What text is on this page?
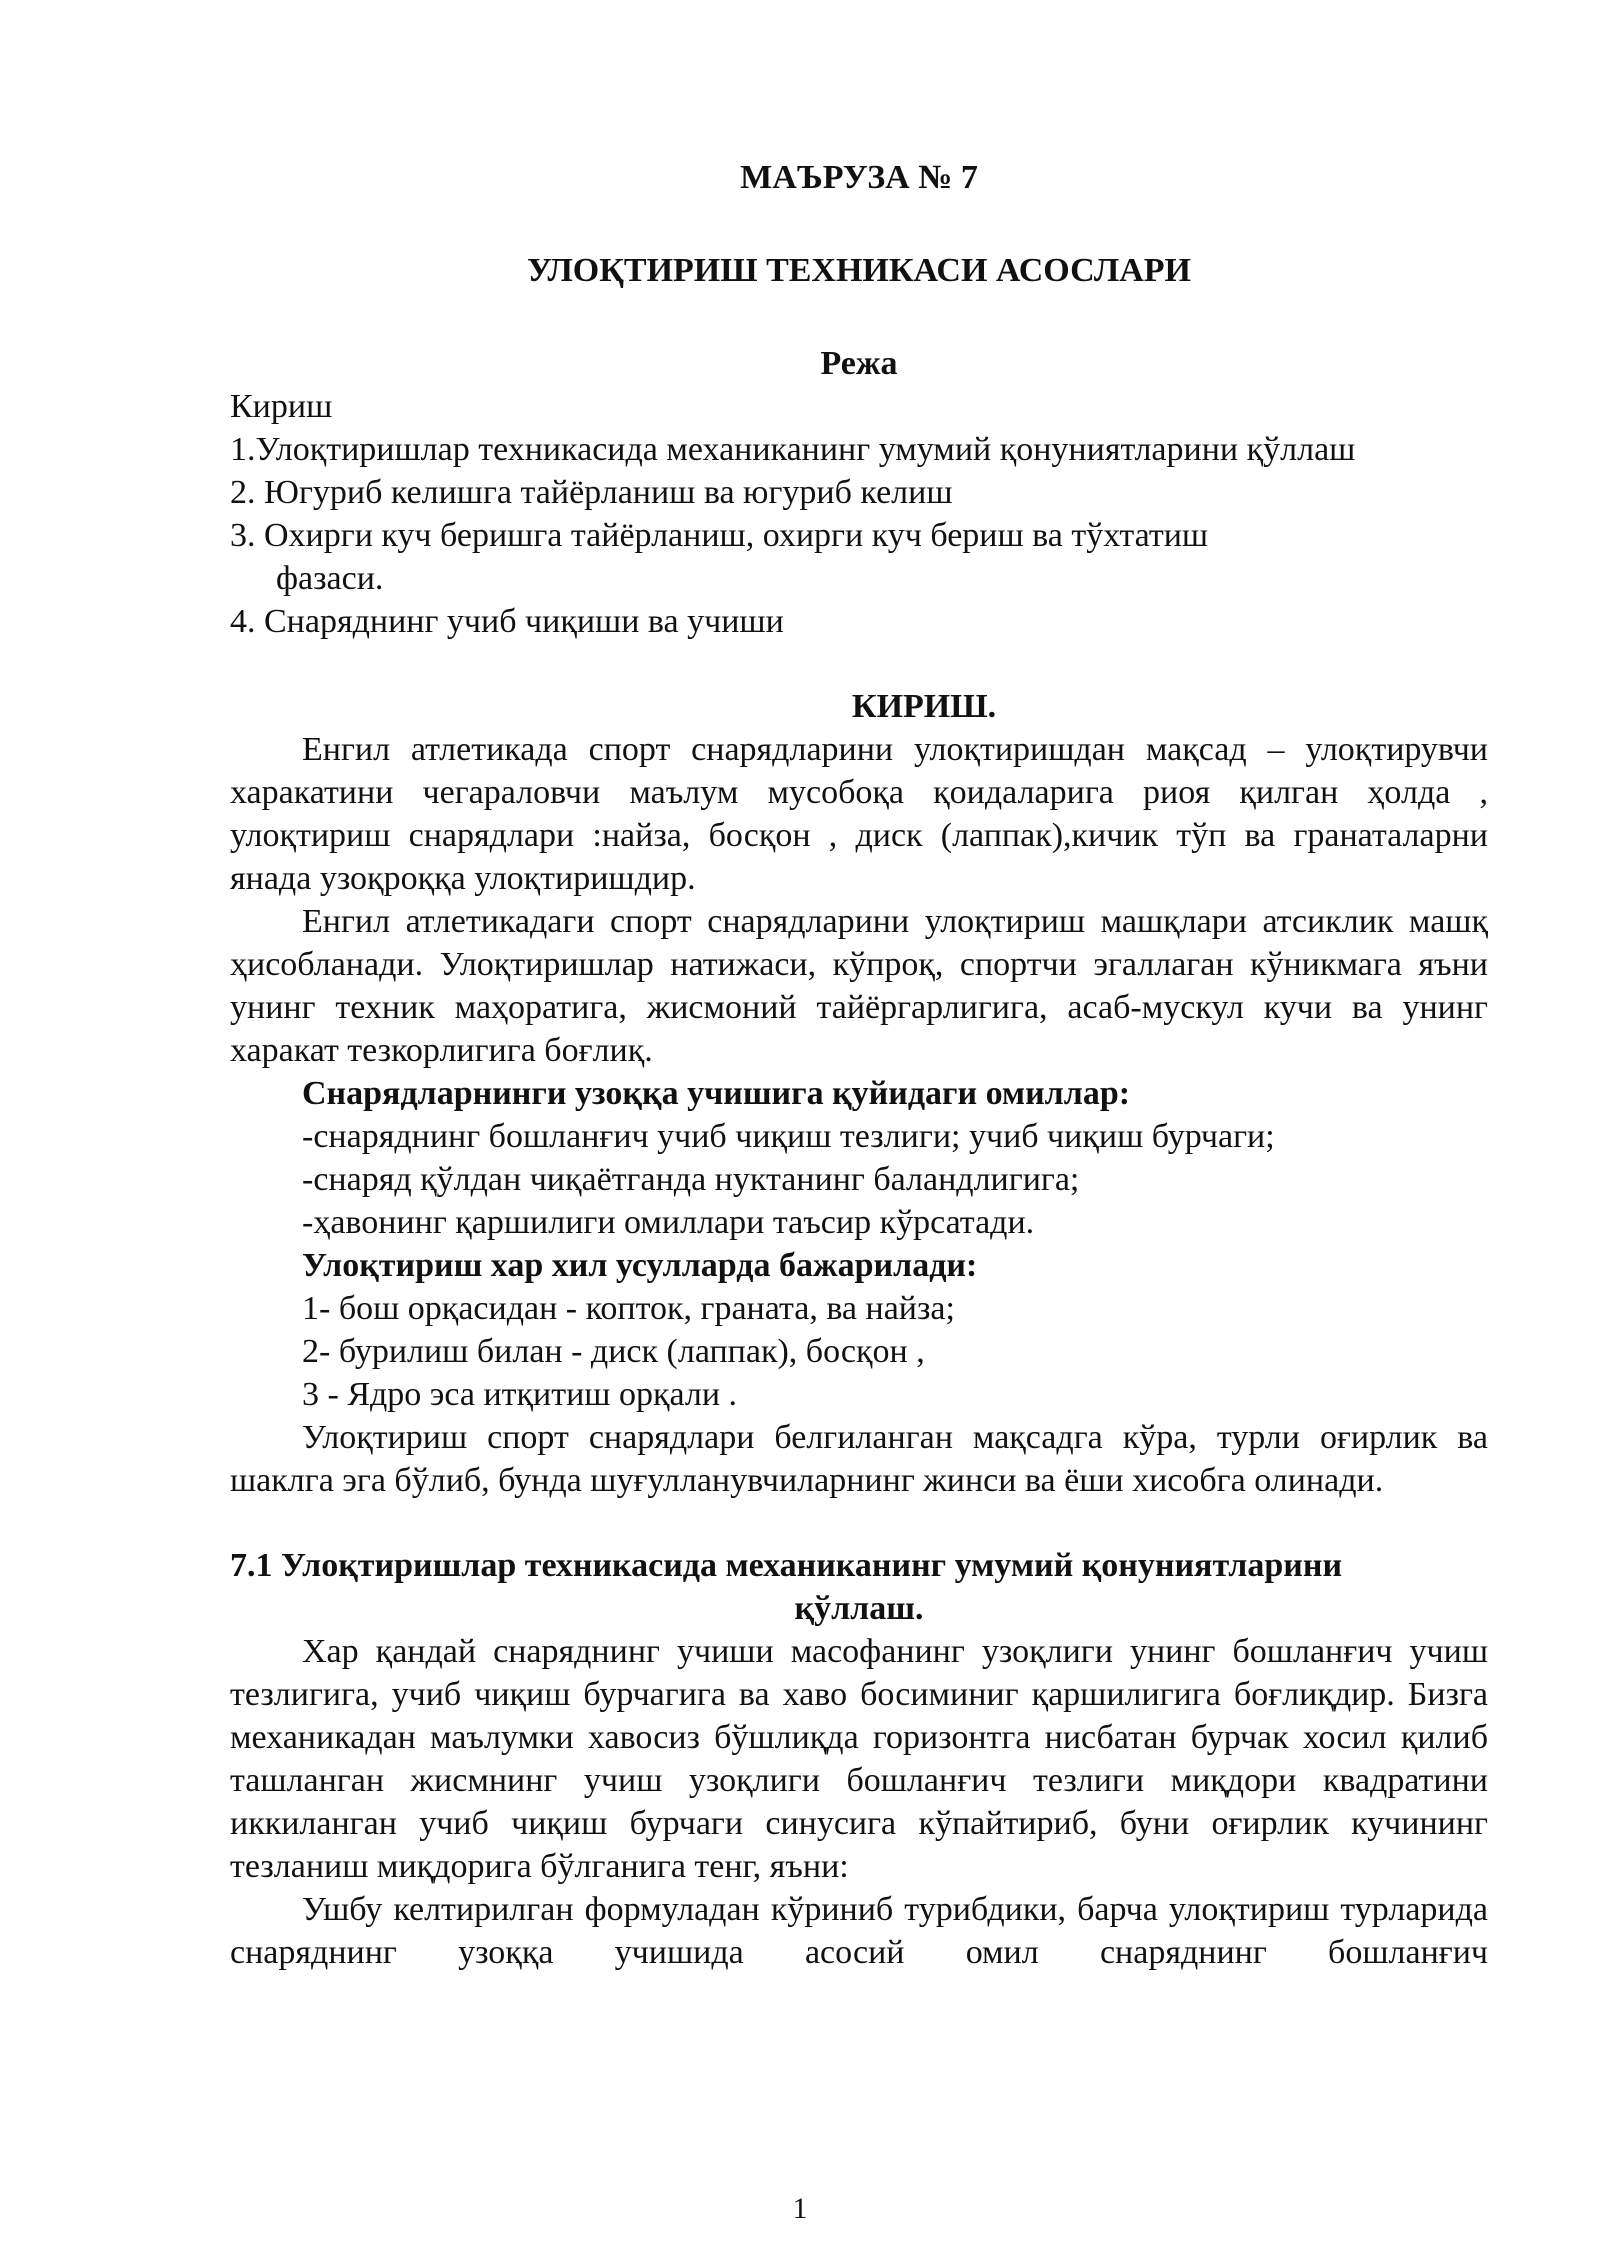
МАЪРУЗА № 7
УЛОҚТИРИШ ТЕХНИКАСИ АСОСЛАРИ
Режа
Кириш
1.Улоқтиришлар техникасида механиканинг умумий қонуниятларини қўллаш
2. Югуриб келишга тайёрланиш ва югуриб келиш
3. Охирги куч беришга тайёрланиш, охирги куч бериш ва тўхтатиш
фазаси.
4. Снаряднинг учиб чиқиши ва учиши
КИРИШ.

Енгил атлетикада спорт снарядларини улоқтиришдан мақсад – улоқтирувчи харакатини чегараловчи маълум мусобоқа қоидаларига риоя қилган ҳолда , улоқтириш снарядлари :найза, босқон , диск (лаппак),кичик тўп ва гранаталарни янада узоқроққа улоқтиришдир.

Енгил атлетикадаги спорт снарядларини улоқтириш машқлари атсиклик машқ ҳисобланади. Улоқтиришлар натижаси, кўпроқ, спортчи эгаллаган кўникмага яъни унинг техник маҳоратига, жисмоний тайёргарлигига, асаб-мускул кучи ва унинг харакат тезкорлигига боғлиқ.

Снарядларнинги узоққа учишига қуйидаги омиллар:
-снаряднинг бошланғич учиб чиқиш тезлиги; учиб чиқиш бурчаги;
-снаряд қўлдан чиқаётганда нуктанинг баландлигига;
-ҳавонинг қаршилиги омиллари таъсир кўрсатади.
Улоқтириш хар хил усулларда бажарилади:
1- бош орқасидан - копток, граната, ва найза;
2- бурилиш билан - диск (лаппак), босқон ,
3 - Ядро эса итқитиш орқали .

Улоқтириш спорт снарядлари белгиланган мақсадга кўра, турли оғирлик ва шаклга эга бўлиб, бунда шуғулланувчиларнинг жинси ва ёши хисобга олинади.

7.1 Улоқтиришлар техникасида механиканинг умумий қонуниятларини
қўллаш.

Хар қандай снаряднинг учиши масофанинг узоқлиги унинг бошланғич учиш тезлигига, учиб чиқиш бурчагига ва хаво босиминиг қаршилигига боғлиқдир. Бизга механикадан маълумки хавосиз бўшлиқда горизонтга нисбатан бурчак хосил қилиб ташланган жисмнинг учиш узоқлиги бошланғич тезлиги миқдори квадратини иккиланган учиб чиқиш бурчаги синусига кўпайтириб, буни оғирлик кучининг тезланиш миқдорига бўлганига тенг, яъни:

Ушбу келтирилган формуладан кўриниб турибдики, барча улоқтириш турларида снаряднинг узоққа учишида асосий омил снаряднинг бошланғич

1
